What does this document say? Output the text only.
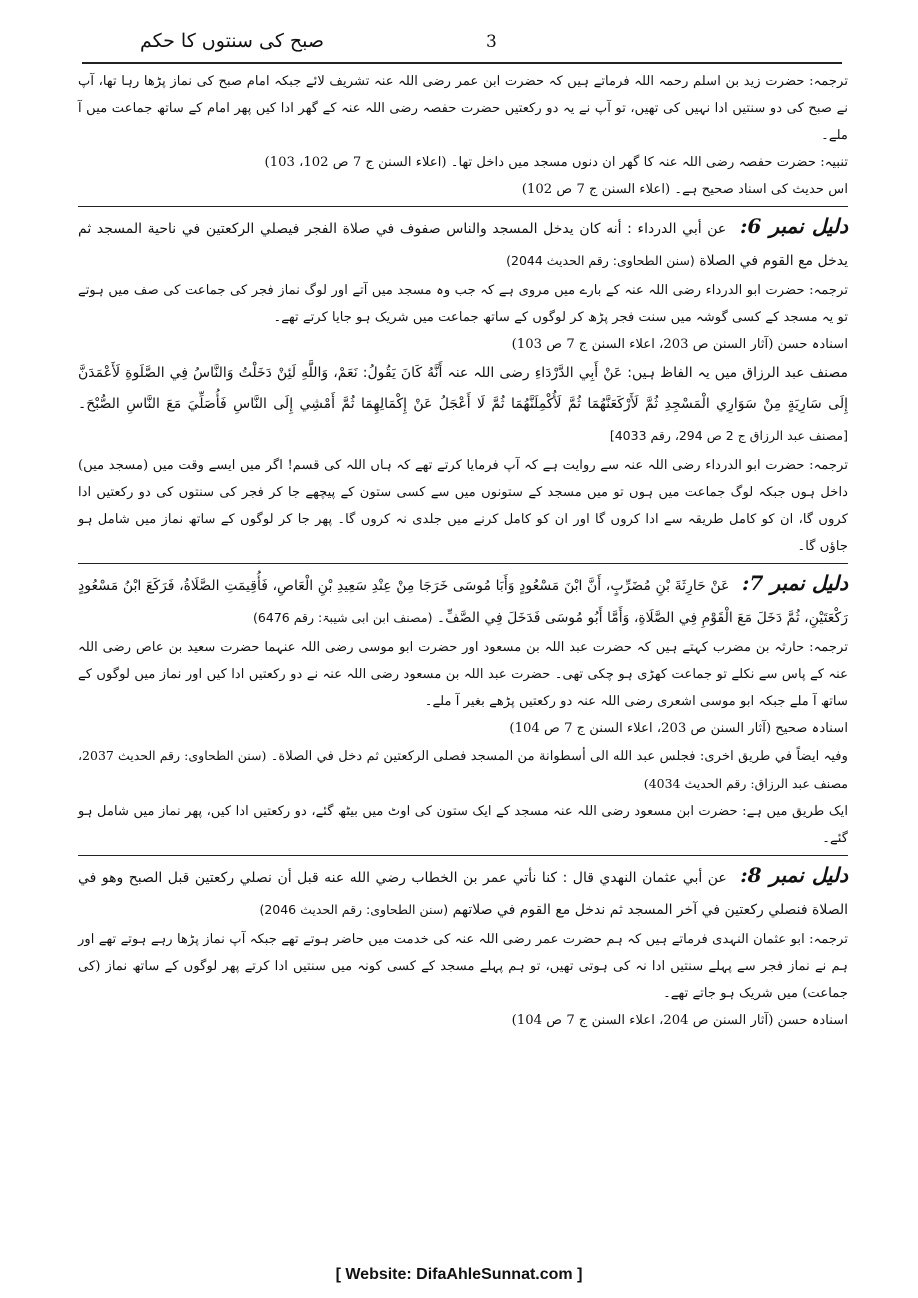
صبح کی سنتوں کا حکم	3

ترجمہ: حضرت زید بن اسلم رحمہ اللہ فرماتے ہیں کہ حضرت ابن عمر رضی اللہ عنہ تشریف لائے جبکہ امام صبح کی نماز پڑھا رہا تھا، آپ نے صبح کی دو سنتیں ادا نہیں کی تھیں، تو آپ نے یہ دو رکعتیں حضرت حفصہ رضی اللہ عنہ کے گھر ادا کیں پھر امام کے ساتھ جماعت میں آ ملے۔

تنبیہ: حضرت حفصہ رضی اللہ عنہ کا گھر ان دنوں مسجد میں داخل تھا۔ (اعلاء السنن ج 7 ص 102، 103)

اس حدیث کی اسناد صحیح ہے۔ (اعلاء السنن ج 7 ص 102)

دلیل نمبر 6: عن أبي الدرداء : أنه كان يدخل المسجد والناس صفوف في صلاة الفجر فيصلي الركعتين في ناحية المسجد ثم يدخل مع القوم في الصلاة (سنن الطحاوی: رقم الحدیث 2044)

ترجمہ: حضرت ابو الدرداء رضی اللہ عنہ کے بارے میں مروی ہے کہ جب وہ مسجد میں آتے اور لوگ نماز فجر کی جماعت کی صف میں ہوتے تو یہ مسجد کے کسی گوشہ میں سنت فجر پڑھ کر لوگوں کے ساتھ جماعت میں شریک ہو جایا کرتے تھے۔

اسنادہ حسن (آثار السنن ص 203، اعلاء السنن ج 7 ص 103)

مصنف عبد الرزاق میں یہ الفاظ ہیں: عَنْ أَبِي الدَّرْدَاءِ رضی اللہ عنہ أَنَّهُ كَانَ يَقُولُ: نَعَمْ، وَاللَّهِ لَئِنْ دَخَلْتُ وَالنَّاسُ فِي الصَّلَوةِ لَأَعْمَدَنَّ إِلَى سَارِيَةٍ مِنْ سَوَارِي الْمَسْجِدِ ثُمَّ لَأَرْكَعَنَّهُمَا ثُمَّ لَأُكْمِلَنَّهُمَا ثُمَّ لَا أَعْجَلُ عَنْ إِكْمَالِهِمَا ثُمَّ أَمْشِي إِلَى النَّاسِ فَأُصَلِّيَ مَعَ النَّاسِ الصُّبْحَ۔ [مصنف عبد الرزاق ج 2 ص 294، رقم 4033]

ترجمہ: حضرت ابو الدرداء رضی اللہ عنہ سے روایت ہے کہ آپ فرمایا کرتے تھے کہ ہاں اللہ کی قسم! اگر میں ایسے وقت میں (مسجد میں) داخل ہوں جبکہ لوگ جماعت میں ہوں تو میں مسجد کے ستونوں میں سے کسی ستون کے پیچھے جا کر فجر کی سنتوں کی دو رکعتیں ادا کروں گا، ان کو کامل طریقہ سے ادا کروں گا اور ان کو کامل کرنے میں جلدی نہ کروں گا۔ پھر جا کر لوگوں کے ساتھ نماز میں شامل ہو جاؤں گا۔

دلیل نمبر 7: عَنْ حَارِثَةَ بْنِ مُضَرِّبٍ، أَنَّ ابْنَ مَسْعُودٍ وَأَبَا مُوسَى خَرَجَا مِنْ عِنْدِ سَعِيدِ بْنِ الْعَاصِ، فَأُقِيمَتِ الصَّلَاةُ، فَرَكَعَ ابْنُ مَسْعُودٍ رَكْعَتَيْنِ، ثُمَّ دَخَلَ مَعَ الْقَوْمِ فِي الصَّلَاةِ، وَأَمَّا أَبُو مُوسَى فَدَخَلَ فِي الصَّفِّ۔ (مصنف ابن ابی شیبۃ: رقم 6476)

ترجمہ: حارثہ بن مضرب کہتے ہیں کہ حضرت عبد اللہ بن مسعود اور حضرت ابو موسی رضی اللہ عنہما حضرت سعید بن عاص رضی اللہ عنہ کے پاس سے نکلے تو جماعت کھڑی ہو چکی تھی۔ حضرت عبد اللہ بن مسعود رضی اللہ عنہ نے دو رکعتیں ادا کیں اور نماز میں لوگوں کے ساتھ آ ملے جبکہ ابو موسی اشعری رضی اللہ عنہ دو رکعتیں پڑھے بغیر آ ملے۔

اسنادہ صحیح (آثار السنن ص 203، اعلاء السنن ج 7 ص 104)

وفیہ ایضاً في طريق اخرى: فجلس عبد الله الى أسطوانة من المسجد فصلى الركعتين ثم دخل في الصلاة۔ (سنن الطحاوی: رقم الحدیث 2037، مصنف عبد الرزاق: رقم الحدیث 4034)

ایک طریق میں ہے: حضرت ابن مسعود رضی اللہ عنہ مسجد کے ایک ستون کی اوٹ میں بیٹھ گئے، دو رکعتیں ادا کیں، پھر نماز میں شامل ہو گئے۔

دلیل نمبر 8: عن أبي عثمان النهدي قال : كنا نأتي عمر بن الخطاب رضي الله عنه قبل أن نصلي ركعتين قبل الصبح وهو في الصلاة فنصلي ركعتين في آخر المسجد ثم ندخل مع القوم في صلاتهم (سنن الطحاوی: رقم الحدیث 2046)

ترجمہ: ابو عثمان النہدی فرماتے ہیں کہ ہم حضرت عمر رضی اللہ عنہ کی خدمت میں حاضر ہوتے تھے جبکہ آپ نماز پڑھا رہے ہوتے تھے اور ہم نے نماز فجر سے پہلے سنتیں ادا نہ کی ہوتی تھیں، تو ہم پہلے مسجد کے کسی کونہ میں سنتیں ادا کرتے پھر لوگوں کے ساتھ نماز (کی جماعت) میں شریک ہو جاتے تھے۔

اسنادہ حسن (آثار السنن ص 204، اعلاء السنن ج 7 ص 104)

[ Website: DifaAhleSunnat.com ]
